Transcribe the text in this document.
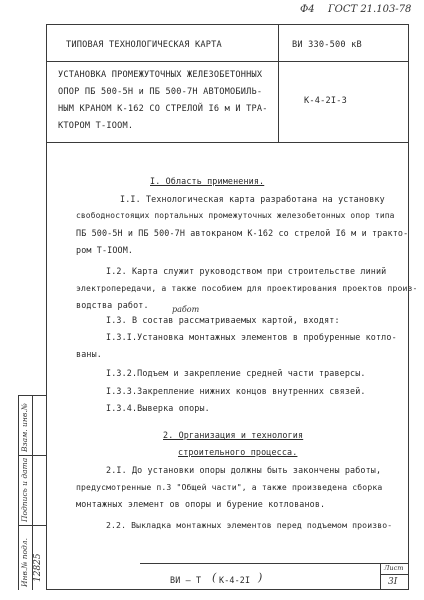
Ф4 ГОСТ 21.103-78
ТИПОВАЯ ТЕХНОЛОГИЧЕСКАЯ КАРТА	ВИ 330-500 кВ
УСТАНОВКА ПРОМЕЖУТОЧНЫХ ЖЕЛЕЗОБЕТОННЫХ
ОПОР ПБ 500-5Н и ПБ 500-7Н АВТОМОБИЛЬ-
НЫМ КРАНОМ К-162 СО СТРЕЛОЙ I6 м И ТРА-
КТОРОМ Т-IООМ.
К-4-2I-3
I. Область применения.
I.I. Технологическая карта разработана на установку
свободностоящих портальных промежуточных железобетонных опор типа
ПБ 500-5Н и ПБ 500-7Н автокраном К-162 со стрелой I6 м и тракто-
ром Т-IООМ.
I.2. Карта служит руководством при строительстве линий
электропередачи, а также пособием для проектирования проектов произ-
водства работ.	работ
I.3. В состав рассматриваемых картой, входят:
I.3.I.Установка монтажных элементов в пробуренные котло-
ваны.
I.3.2.Подъем и закрепление средней части траверсы.
I.3.3.Закрепление нижних концов внутренних связей.
I.3.4.Выверка опоры.
2. Организация и технология
строительного процесса.
2.I. До установки опоры должны быть закончены работы,
предусмотренные п.3 "Общей части", а также произведена сборка
монтажных элемент ов опоры и бурение котлованов.
2.2. Выкладка монтажных элементов перед подъемом произво-
Взам. инв.№
Подпись и дата
Инв.№ подл. 12825	ВИ – Т ( К-4-2I )
Лист
3I
